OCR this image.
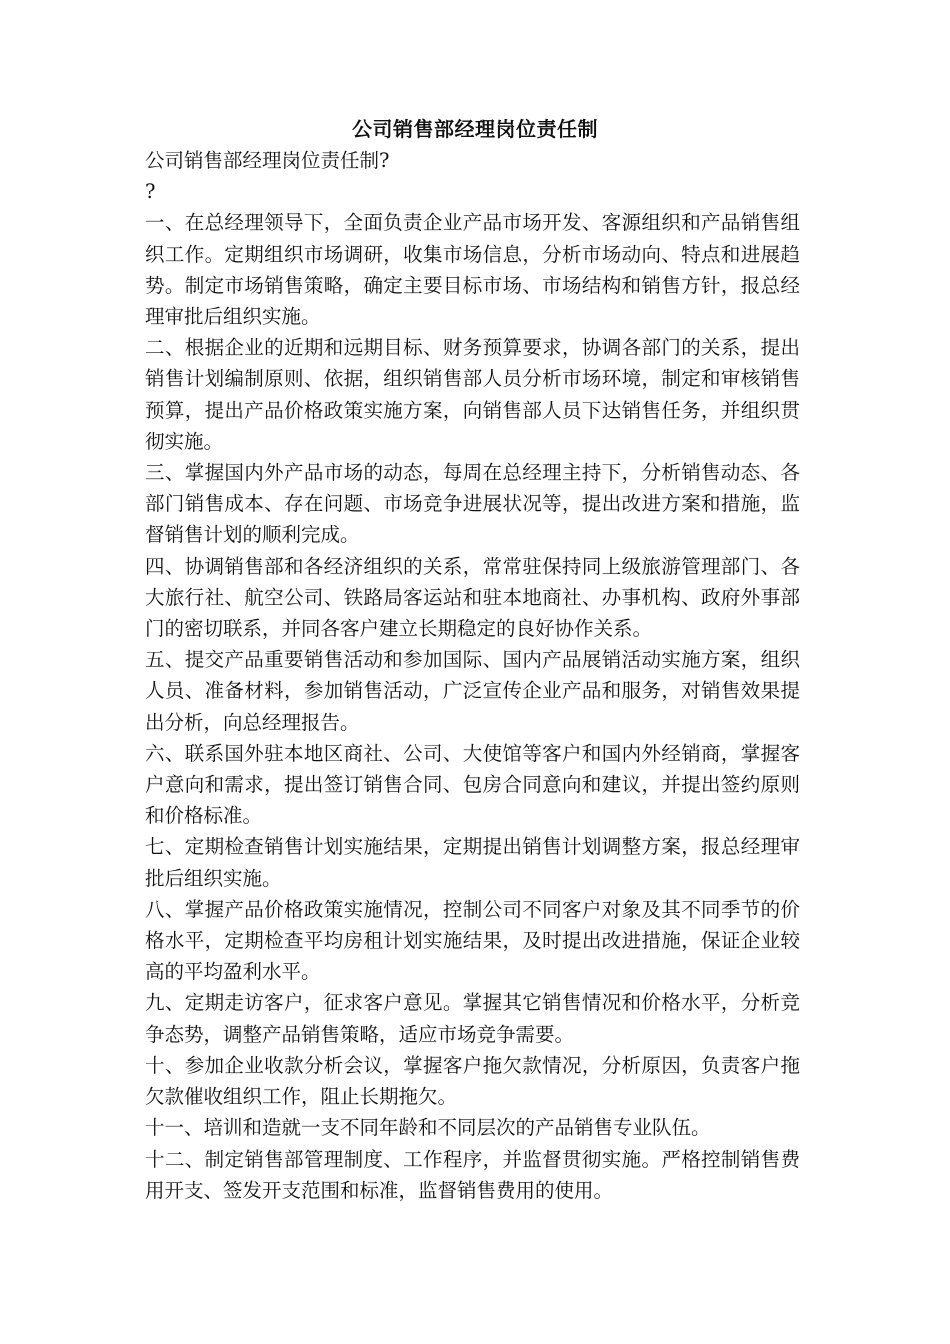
公司销售部经理岗位责任制

公司销售部经理岗位责任制?

?

一、在总经理领导下，全面负责企业产品市场开发、客源组织和产品销售组织工作。定期组织市场调研，收集市场信息，分析市场动向、特点和进展趋势。制定市场销售策略，确定主要目标市场、市场结构和销售方针，报总经理审批后组织实施。

二、根据企业的近期和远期目标、财务预算要求，协调各部门的关系，提出销售计划编制原则、依据，组织销售部人员分析市场环境，制定和审核销售预算，提出产品价格政策实施方案，向销售部人员下达销售任务，并组织贯彻实施。

三、掌握国内外产品市场的动态，每周在总经理主持下，分析销售动态、各部门销售成本、存在问题、市场竞争进展状况等，提出改进方案和措施，监督销售计划的顺利完成。

四、协调销售部和各经济组织的关系，常常驻保持同上级旅游管理部门、各大旅行社、航空公司、铁路局客运站和驻本地商社、办事机构、政府外事部门的密切联系，并同各客户建立长期稳定的良好协作关系。

五、提交产品重要销售活动和参加国际、国内产品展销活动实施方案，组织人员、准备材料，参加销售活动，广泛宣传企业产品和服务，对销售效果提出分析，向总经理报告。

六、联系国外驻本地区商社、公司、大使馆等客户和国内外经销商，掌握客户意向和需求，提出签订销售合同、包房合同意向和建议，并提出签约原则和价格标准。

七、定期检查销售计划实施结果，定期提出销售计划调整方案，报总经理审批后组织实施。

八、掌握产品价格政策实施情况，控制公司不同客户对象及其不同季节的价格水平，定期检查平均房租计划实施结果，及时提出改进措施，保证企业较高的平均盈利水平。

九、定期走访客户，征求客户意见。掌握其它销售情况和价格水平，分析竞争态势，调整产品销售策略，适应市场竞争需要。

十、参加企业收款分析会议，掌握客户拖欠款情况，分析原因，负责客户拖欠款催收组织工作，阻止长期拖欠。

十一、培训和造就一支不同年龄和不同层次的产品销售专业队伍。

十二、制定销售部管理制度、工作程序，并监督贯彻实施。严格控制销售费用开支、签发开支范围和标准，监督销售费用的使用。
